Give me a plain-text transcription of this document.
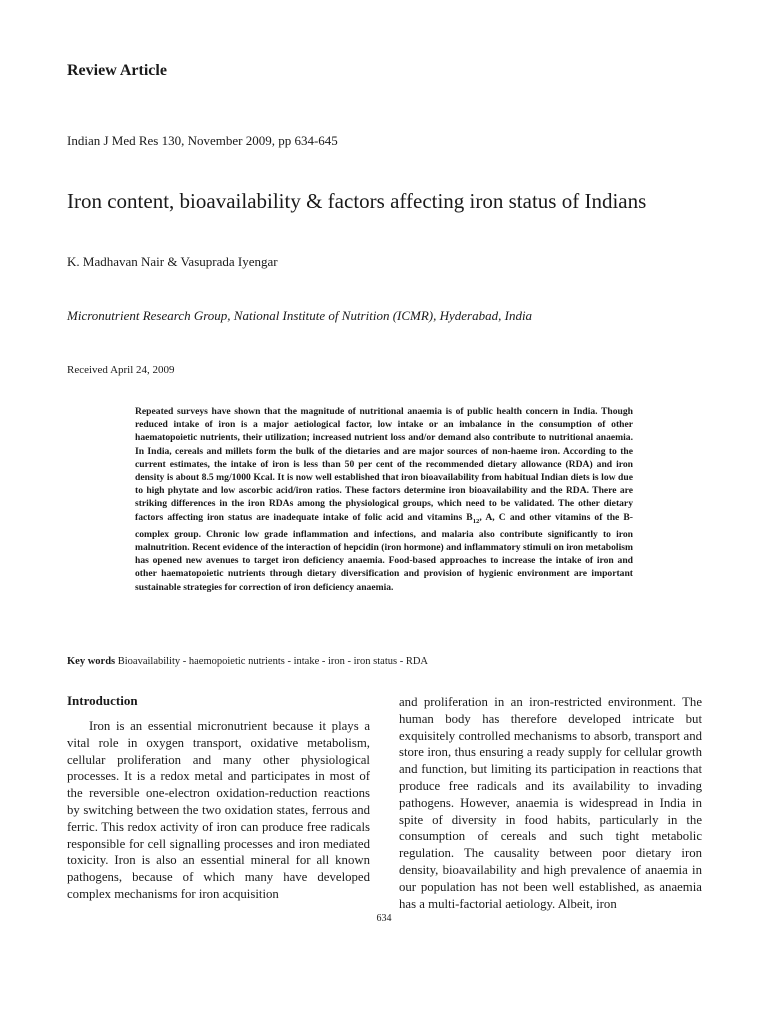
Review Article
Indian J Med Res 130, November 2009, pp 634-645
Iron content, bioavailability & factors affecting iron status of Indians
K. Madhavan Nair & Vasuprada Iyengar
Micronutrient Research Group, National Institute of Nutrition (ICMR), Hyderabad, India
Received April 24, 2009

Repeated surveys have shown that the magnitude of nutritional anaemia is of public health concern in India. Though reduced intake of iron is a major aetiological factor, low intake or an imbalance in the consumption of other haematopoietic nutrients, their utilization; increased nutrient loss and/or demand also contribute to nutritional anaemia. In India, cereals and millets form the bulk of the dietaries and are major sources of non-haeme iron. According to the current estimates, the intake of iron is less than 50 per cent of the recommended dietary allowance (RDA) and iron density is about 8.5 mg/1000 Kcal. It is now well established that iron bioavailability from habitual Indian diets is low due to high phytate and low ascorbic acid/iron ratios. These factors determine iron bioavailability and the RDA. There are striking differences in the iron RDAs among the physiological groups, which need to be validated. The other dietary factors affecting iron status are inadequate intake of folic acid and vitamins $B_{12}$, A, C and other vitamins of the B-complex group. Chronic low grade inflammation and infections, and malaria also contribute significantly to iron malnutrition. Recent evidence of the interaction of hepcidin (iron hormone) and inflammatory stimuli on iron metabolism has opened new avenues to target iron deficiency anaemia. Food-based approaches to increase the intake of iron and other haematopoietic nutrients through dietary diversification and provision of hygienic environment are important sustainable strategies for correction of iron deficiency anaemia.

Key words Bioavailability - haemopoietic nutrients - intake - iron - iron status - RDA
Introduction

Iron is an essential micronutrient because it plays a vital role in oxygen transport, oxidative metabolism, cellular proliferation and many other physiological processes. It is a redox metal and participates in most of the reversible one-electron oxidation-reduction reactions by switching between the two oxidation states, ferrous and ferric. This redox activity of iron can produce free radicals responsible for cell signalling processes and iron mediated toxicity. Iron is also an essential mineral for all known pathogens, because of which many have developed complex mechanisms for iron acquisition

and proliferation in an iron-restricted environment. The human body has therefore developed intricate but exquisitely controlled mechanisms to absorb, transport and store iron, thus ensuring a ready supply for cellular growth and function, but limiting its participation in reactions that produce free radicals and its availability to invading pathogens. However, anaemia is widespread in India in spite of diversity in food habits, particularly in the consumption of cereals and such tight metabolic regulation. The causality between poor dietary iron density, bioavailability and high prevalence of anaemia in our population has not been well established, as anaemia has a multi-factorial aetiology. Albeit, iron

634
